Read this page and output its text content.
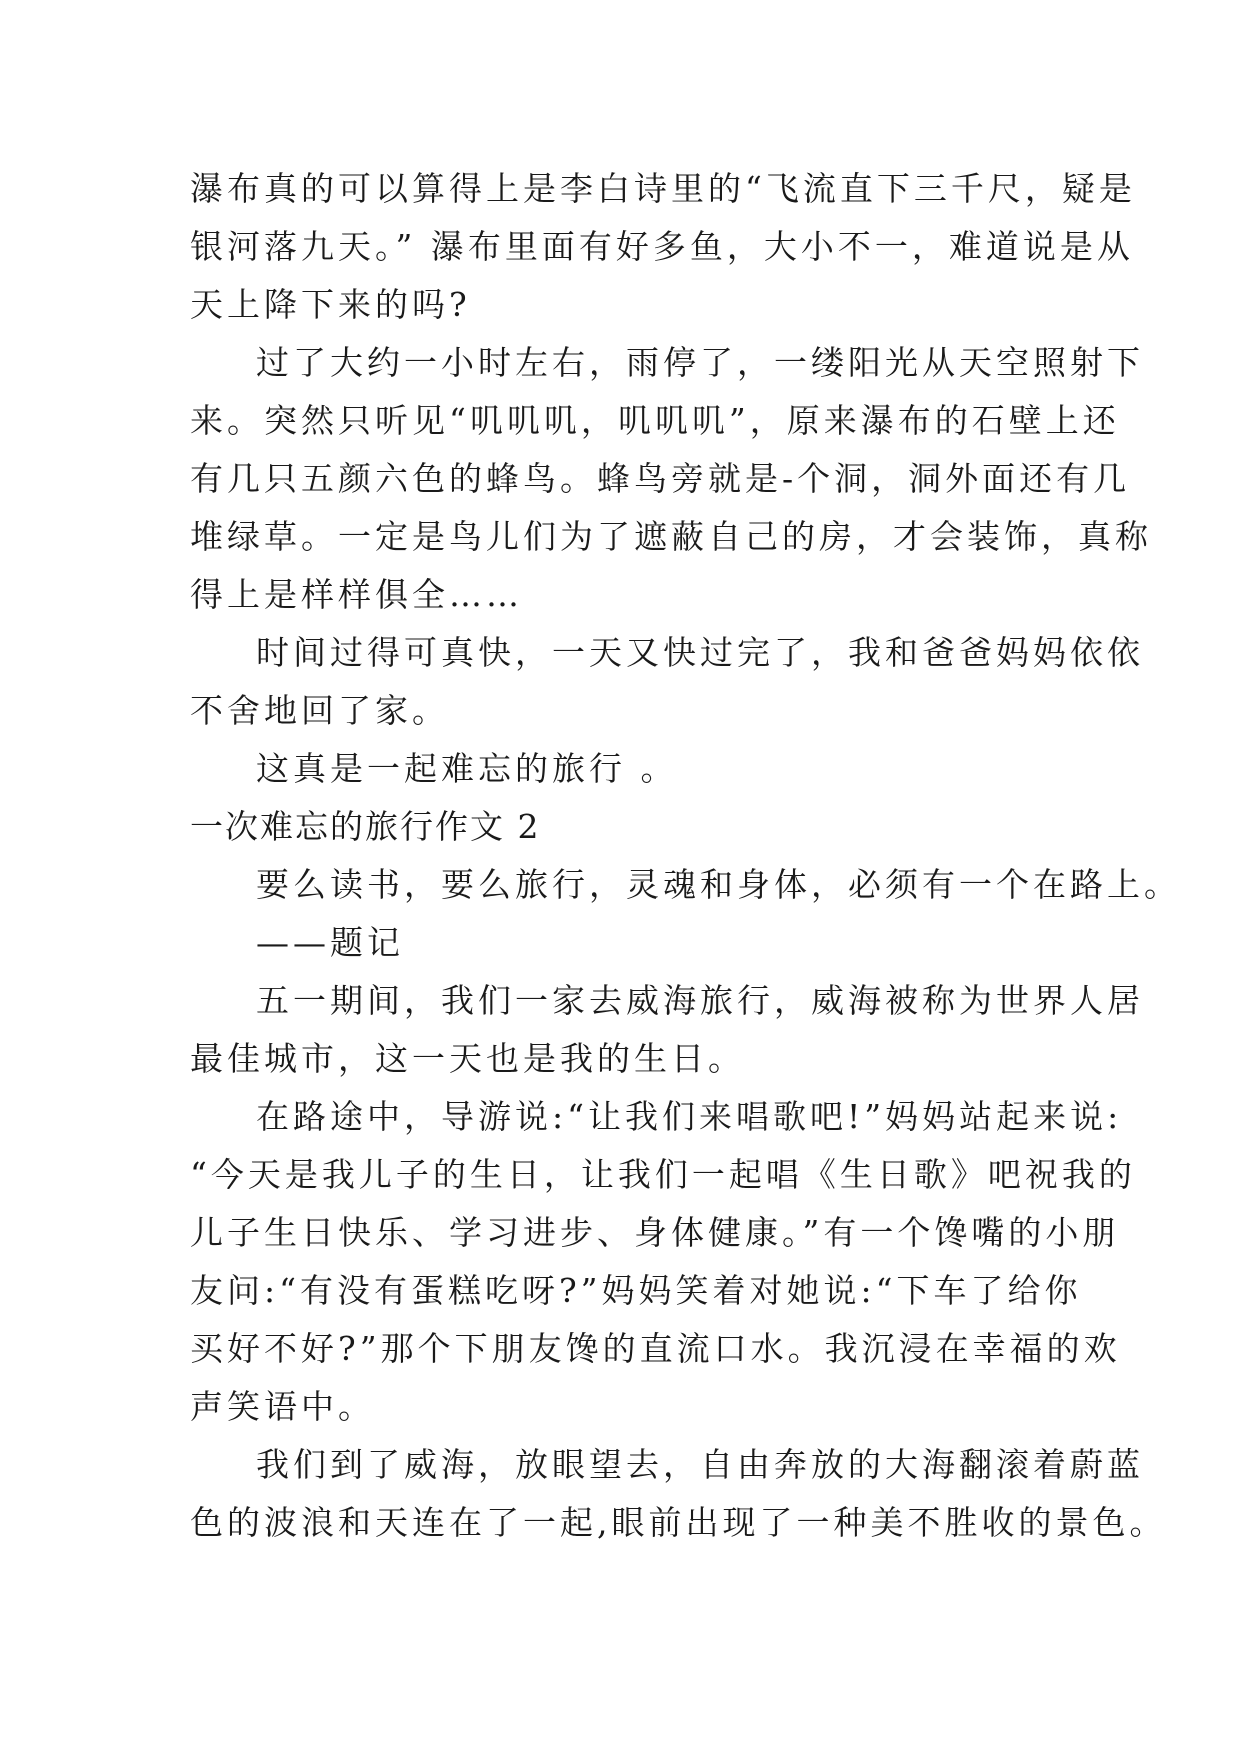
瀑布真的可以算得上是李白诗里的“飞流直下三千尺，疑是
银河落九天。” 瀑布里面有好多鱼，大小不一，难道说是从
天上降下来的吗?
过了大约一小时左右，雨停了，一缕阳光从天空照射下
来。突然只听见“叽叽叽，叽叽叽”，原来瀑布的石壁上还
有几只五颜六色的蜂鸟。蜂鸟旁就是-个洞，洞外面还有几
堆绿草。一定是鸟儿们为了遮蔽自己的房，才会装饰，真称
得上是样样俱全……
时间过得可真快，一天又快过完了，我和爸爸妈妈依依
不舍地回了家。
这真是一起难忘的旅行 。
一次难忘的旅行作文 2
要么读书，要么旅行，灵魂和身体，必须有一个在路上。
——题记
五一期间，我们一家去威海旅行，威海被称为世界人居
最佳城市，这一天也是我的生日。
在路途中，导游说:“让我们来唱歌吧!”妈妈站起来说:
“今天是我儿子的生日，让我们一起唱《生日歌》吧祝我的
儿子生日快乐、学习进步、身体健康。”有一个馋嘴的小朋
友问:“有没有蛋糕吃呀?”妈妈笑着对她说:“下车了给你
买好不好?”那个下朋友馋的直流口水。我沉浸在幸福的欢
声笑语中。
我们到了威海，放眼望去，自由奔放的大海翻滚着蔚蓝
色的波浪和天连在了一起,眼前出现了一种美不胜收的景色。
